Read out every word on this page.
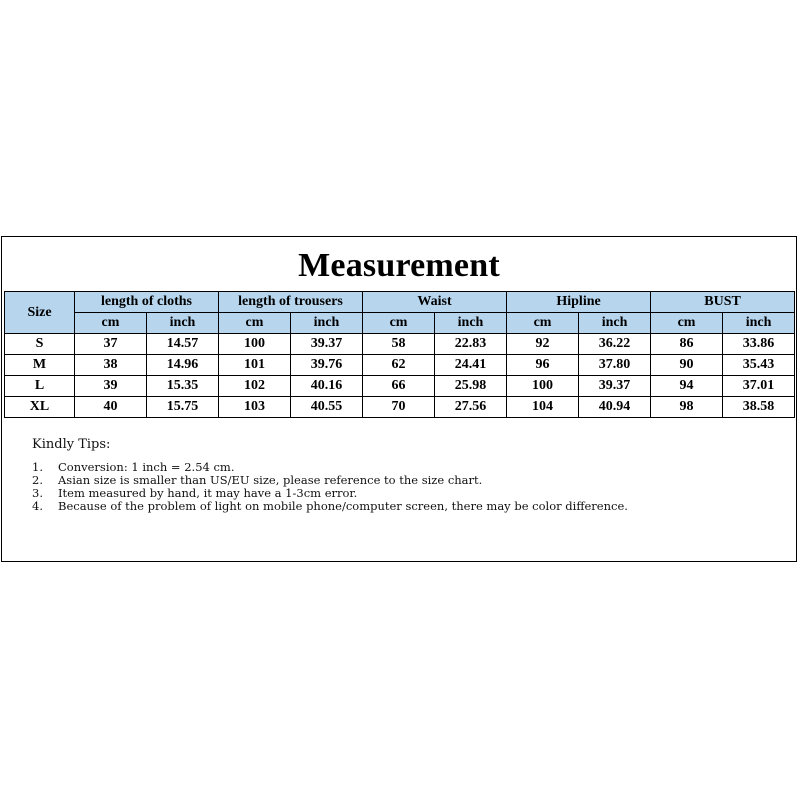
Measurement
Size	length of cloths		length of trousers		Waist		Hipline		BUST	
	cm	inch	cm	inch	cm	inch	cm	inch	cm	inch
S	37	14.57	100	39.37	58	22.83	92	36.22	86	33.86
M	38	14.96	101	39.76	62	24.41	96	37.80	90	35.43
L	39	15.35	102	40.16	66	25.98	100	39.37	94	37.01
XL	40	15.75	103	40.55	70	27.56	104	40.94	98	38.58
Kindly Tips:
1.	Conversion: 1 inch = 2.54 cm.
2.	Asian size is smaller than US/EU size, please reference to the size chart.
3.	Item measured by hand, it may have a 1-3cm error.
4.	Because of the problem of light on mobile phone/computer screen, there may be color difference.
